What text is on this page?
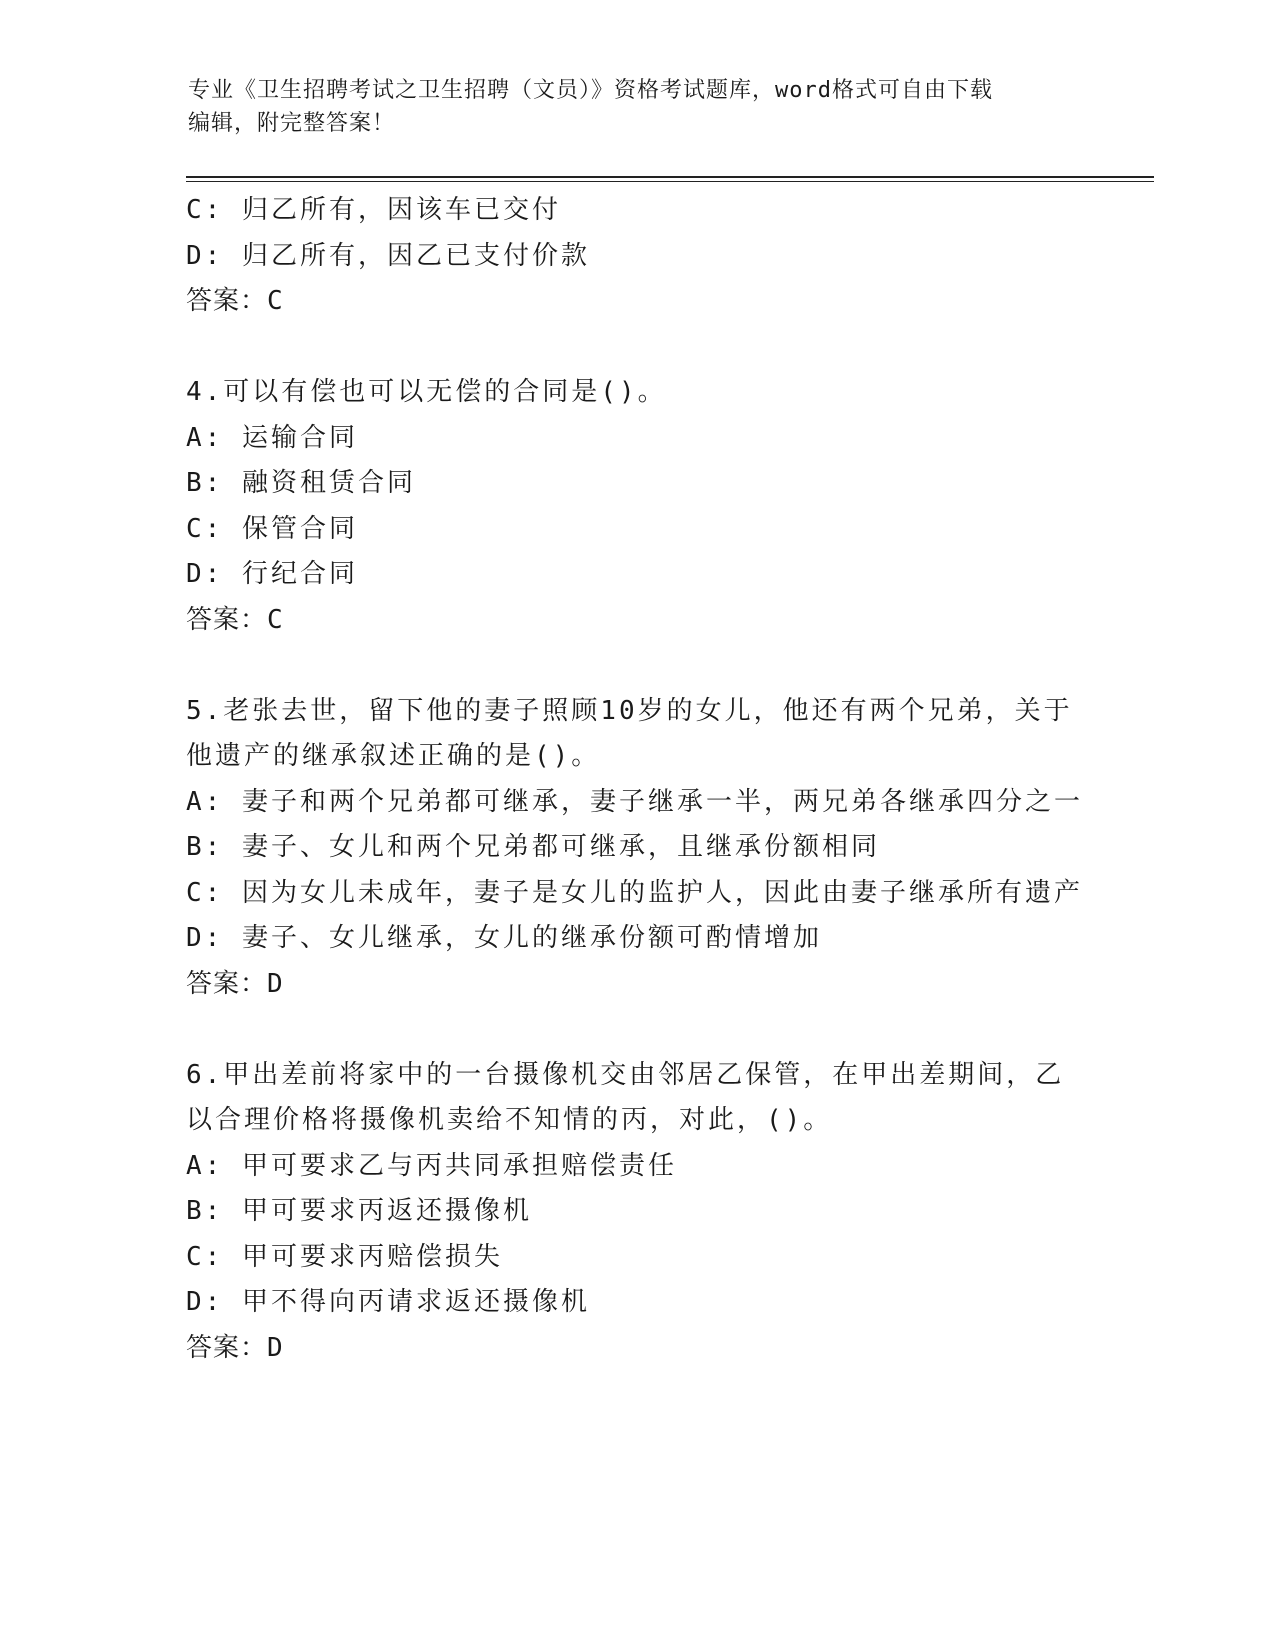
专业《卫生招聘考试之卫生招聘（文员）》资格考试题库，word格式可自由下载
编辑，附完整答案！
C: 归乙所有，因该车已交付
D: 归乙所有，因乙已支付价款
答案：C
4.可以有偿也可以无偿的合同是()。
A: 运输合同
B: 融资租赁合同
C: 保管合同
D: 行纪合同
答案：C
5.老张去世，留下他的妻子照顾10岁的女儿，他还有两个兄弟，关于
他遗产的继承叙述正确的是()。
A: 妻子和两个兄弟都可继承，妻子继承一半，两兄弟各继承四分之一
B: 妻子、女儿和两个兄弟都可继承，且继承份额相同
C: 因为女儿未成年，妻子是女儿的监护人，因此由妻子继承所有遗产
D: 妻子、女儿继承，女儿的继承份额可酌情增加
答案：D
6.甲出差前将家中的一台摄像机交由邻居乙保管，在甲出差期间，乙
以合理价格将摄像机卖给不知情的丙，对此，()。
A: 甲可要求乙与丙共同承担赔偿责任
B: 甲可要求丙返还摄像机
C: 甲可要求丙赔偿损失
D: 甲不得向丙请求返还摄像机
答案：D
